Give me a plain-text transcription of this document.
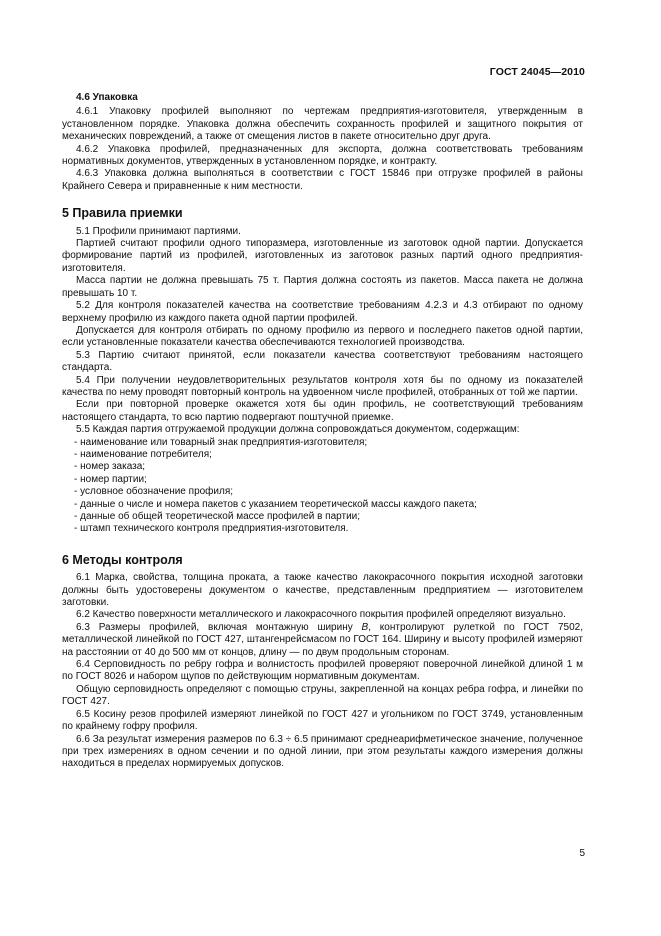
ГОСТ 24045—2010
4.6 Упаковка

4.6.1 Упаковку профилей выполняют по чертежам предприятия-изготовителя, утвержденным в установленном порядке. Упаковка должна обеспечить сохранность профилей и защитного покрытия от механических повреждений, а также от смещения листов в пакете относительно друг друга.

4.6.2 Упаковка профилей, предназначенных для экспорта, должна соответствовать требованиям нормативных документов, утвержденных в установленном порядке, и контракту.

4.6.3 Упаковка должна выполняться в соответствии с ГОСТ 15846 при отгрузке профилей в районы Крайнего Севера и приравненные к ним местности.

5 Правила приемки

5.1 Профили принимают партиями.

Партией считают профили одного типоразмера, изготовленные из заготовок одной партии. Допускается формирование партий из профилей, изготовленных из заготовок разных партий одного предприятия-изготовителя.

Масса партии не должна превышать 75 т. Партия должна состоять из пакетов. Масса пакета не должна превышать 10 т.

5.2 Для контроля показателей качества на соответствие требованиям 4.2.3 и 4.3 отбирают по одному верхнему профилю из каждого пакета одной партии профилей.

Допускается для контроля отбирать по одному профилю из первого и последнего пакетов одной партии, если установленные показатели качества обеспечиваются технологией производства.

5.3 Партию считают принятой, если показатели качества соответствуют требованиям настоящего стандарта.

5.4 При получении неудовлетворительных результатов контроля хотя бы по одному из показателей качества по нему проводят повторный контроль на удвоенном числе профилей, отобранных от той же партии.

Если при повторной проверке окажется хотя бы один профиль, не соответствующий требованиям настоящего стандарта, то всю партию подвергают поштучной приемке.

5.5 Каждая партия отгружаемой продукции должна сопровождаться документом, содержащим:

- наименование или товарный знак предприятия-изготовителя;

- наименование потребителя;

- номер заказа;

- номер партии;

- условное обозначение профиля;

- данные о числе и номера пакетов с указанием теоретической массы каждого пакета;

- данные об общей теоретической массе профилей в партии;

- штамп технического контроля предприятия-изготовителя.

6 Методы контроля

6.1 Марка, свойства, толщина проката, а также качество лакокрасочного покрытия исходной заготовки должны быть удостоверены документом о качестве, представленным предприятием — изготовителем заготовки.

6.2 Качество поверхности металлического и лакокрасочного покрытия профилей определяют визуально.

6.3 Размеры профилей, включая монтажную ширину B, контролируют рулеткой по ГОСТ 7502, металлической линейкой по ГОСТ 427, штангенрейсмасом по ГОСТ 164. Ширину и высоту профилей измеряют на расстоянии от 40 до 500 мм от концов, длину — по двум продольным сторонам.

6.4 Серповидность по ребру гофра и волнистость профилей проверяют поверочной линейкой длиной 1 м по ГОСТ 8026 и набором щупов по действующим нормативным документам.

Общую серповидность определяют с помощью струны, закрепленной на концах ребра гофра, и линейки по ГОСТ 427.

6.5 Косину резов профилей измеряют линейкой по ГОСТ 427 и угольником по ГОСТ 3749, установленным по крайнему гофру профиля.

6.6 За результат измерения размеров по 6.3 ÷ 6.5 принимают среднеарифметическое значение, полученное при трех измерениях в одном сечении и по одной линии, при этом результаты каждого измерения должны находиться в пределах нормируемых допусков.

5
